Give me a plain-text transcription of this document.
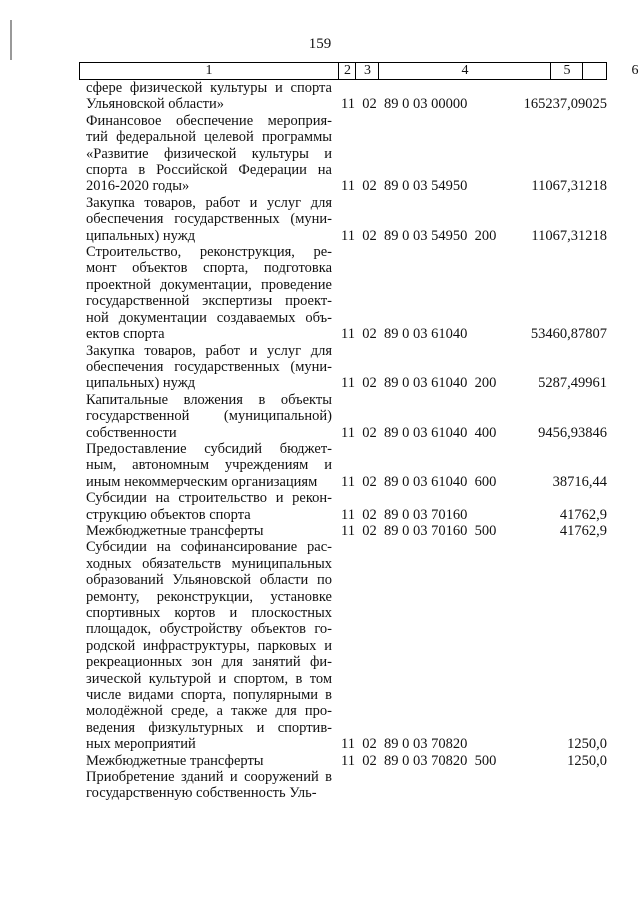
159
1	2 3	4	5	6
сфере физической культуры и спорта
Ульяновской области»	11  02  89 0 03 00000	165237,09025
Финансовое обеспечение мероприя-
тий федеральной целевой программы
«Развитие физической культуры и
спорта в Российской Федерации на
2016-2020 годы»	11  02  89 0 03 54950	11067,31218
Закупка товаров, работ и услуг для
обеспечения государственных (муни-
ципальных) нужд	11  02  89 0 03 54950  200	11067,31218
Строительство, реконструкция, ре-
монт объектов спорта, подготовка
проектной документации, проведение
государственной экспертизы проект-
ной документации создаваемых объ-
ектов спорта	11  02  89 0 03 61040	53460,87807
Закупка товаров, работ и услуг для
обеспечения государственных (муни-
ципальных) нужд	11  02  89 0 03 61040  200	5287,49961
Капитальные вложения в объекты
государственной (муниципальной)
собственности	11  02  89 0 03 61040  400	9456,93846
Предоставление субсидий бюджет-
ным, автономным учреждениям и
иным некоммерческим организациям	11  02  89 0 03 61040  600	38716,44
Субсидии на строительство и рекон-
струкцию объектов спорта	11  02  89 0 03 70160	41762,9
Межбюджетные трансферты	11  02  89 0 03 70160  500	41762,9
Субсидии на софинансирование рас-
ходных обязательств муниципальных
образований Ульяновской области по
ремонту, реконструкции, установке
спортивных кортов и плоскостных
площадок, обустройству объектов го-
родской инфраструктуры, парковых и
рекреационных зон для занятий фи-
зической культурой и спортом, в том
числе видами спорта, популярными в
молодёжной среде, а также для про-
ведения физкультурных и спортив-
ных мероприятий	11  02  89 0 03 70820	1250,0
Межбюджетные трансферты	11  02  89 0 03 70820  500	1250,0
Приобретение зданий и сооружений в
государственную собственность Уль-
